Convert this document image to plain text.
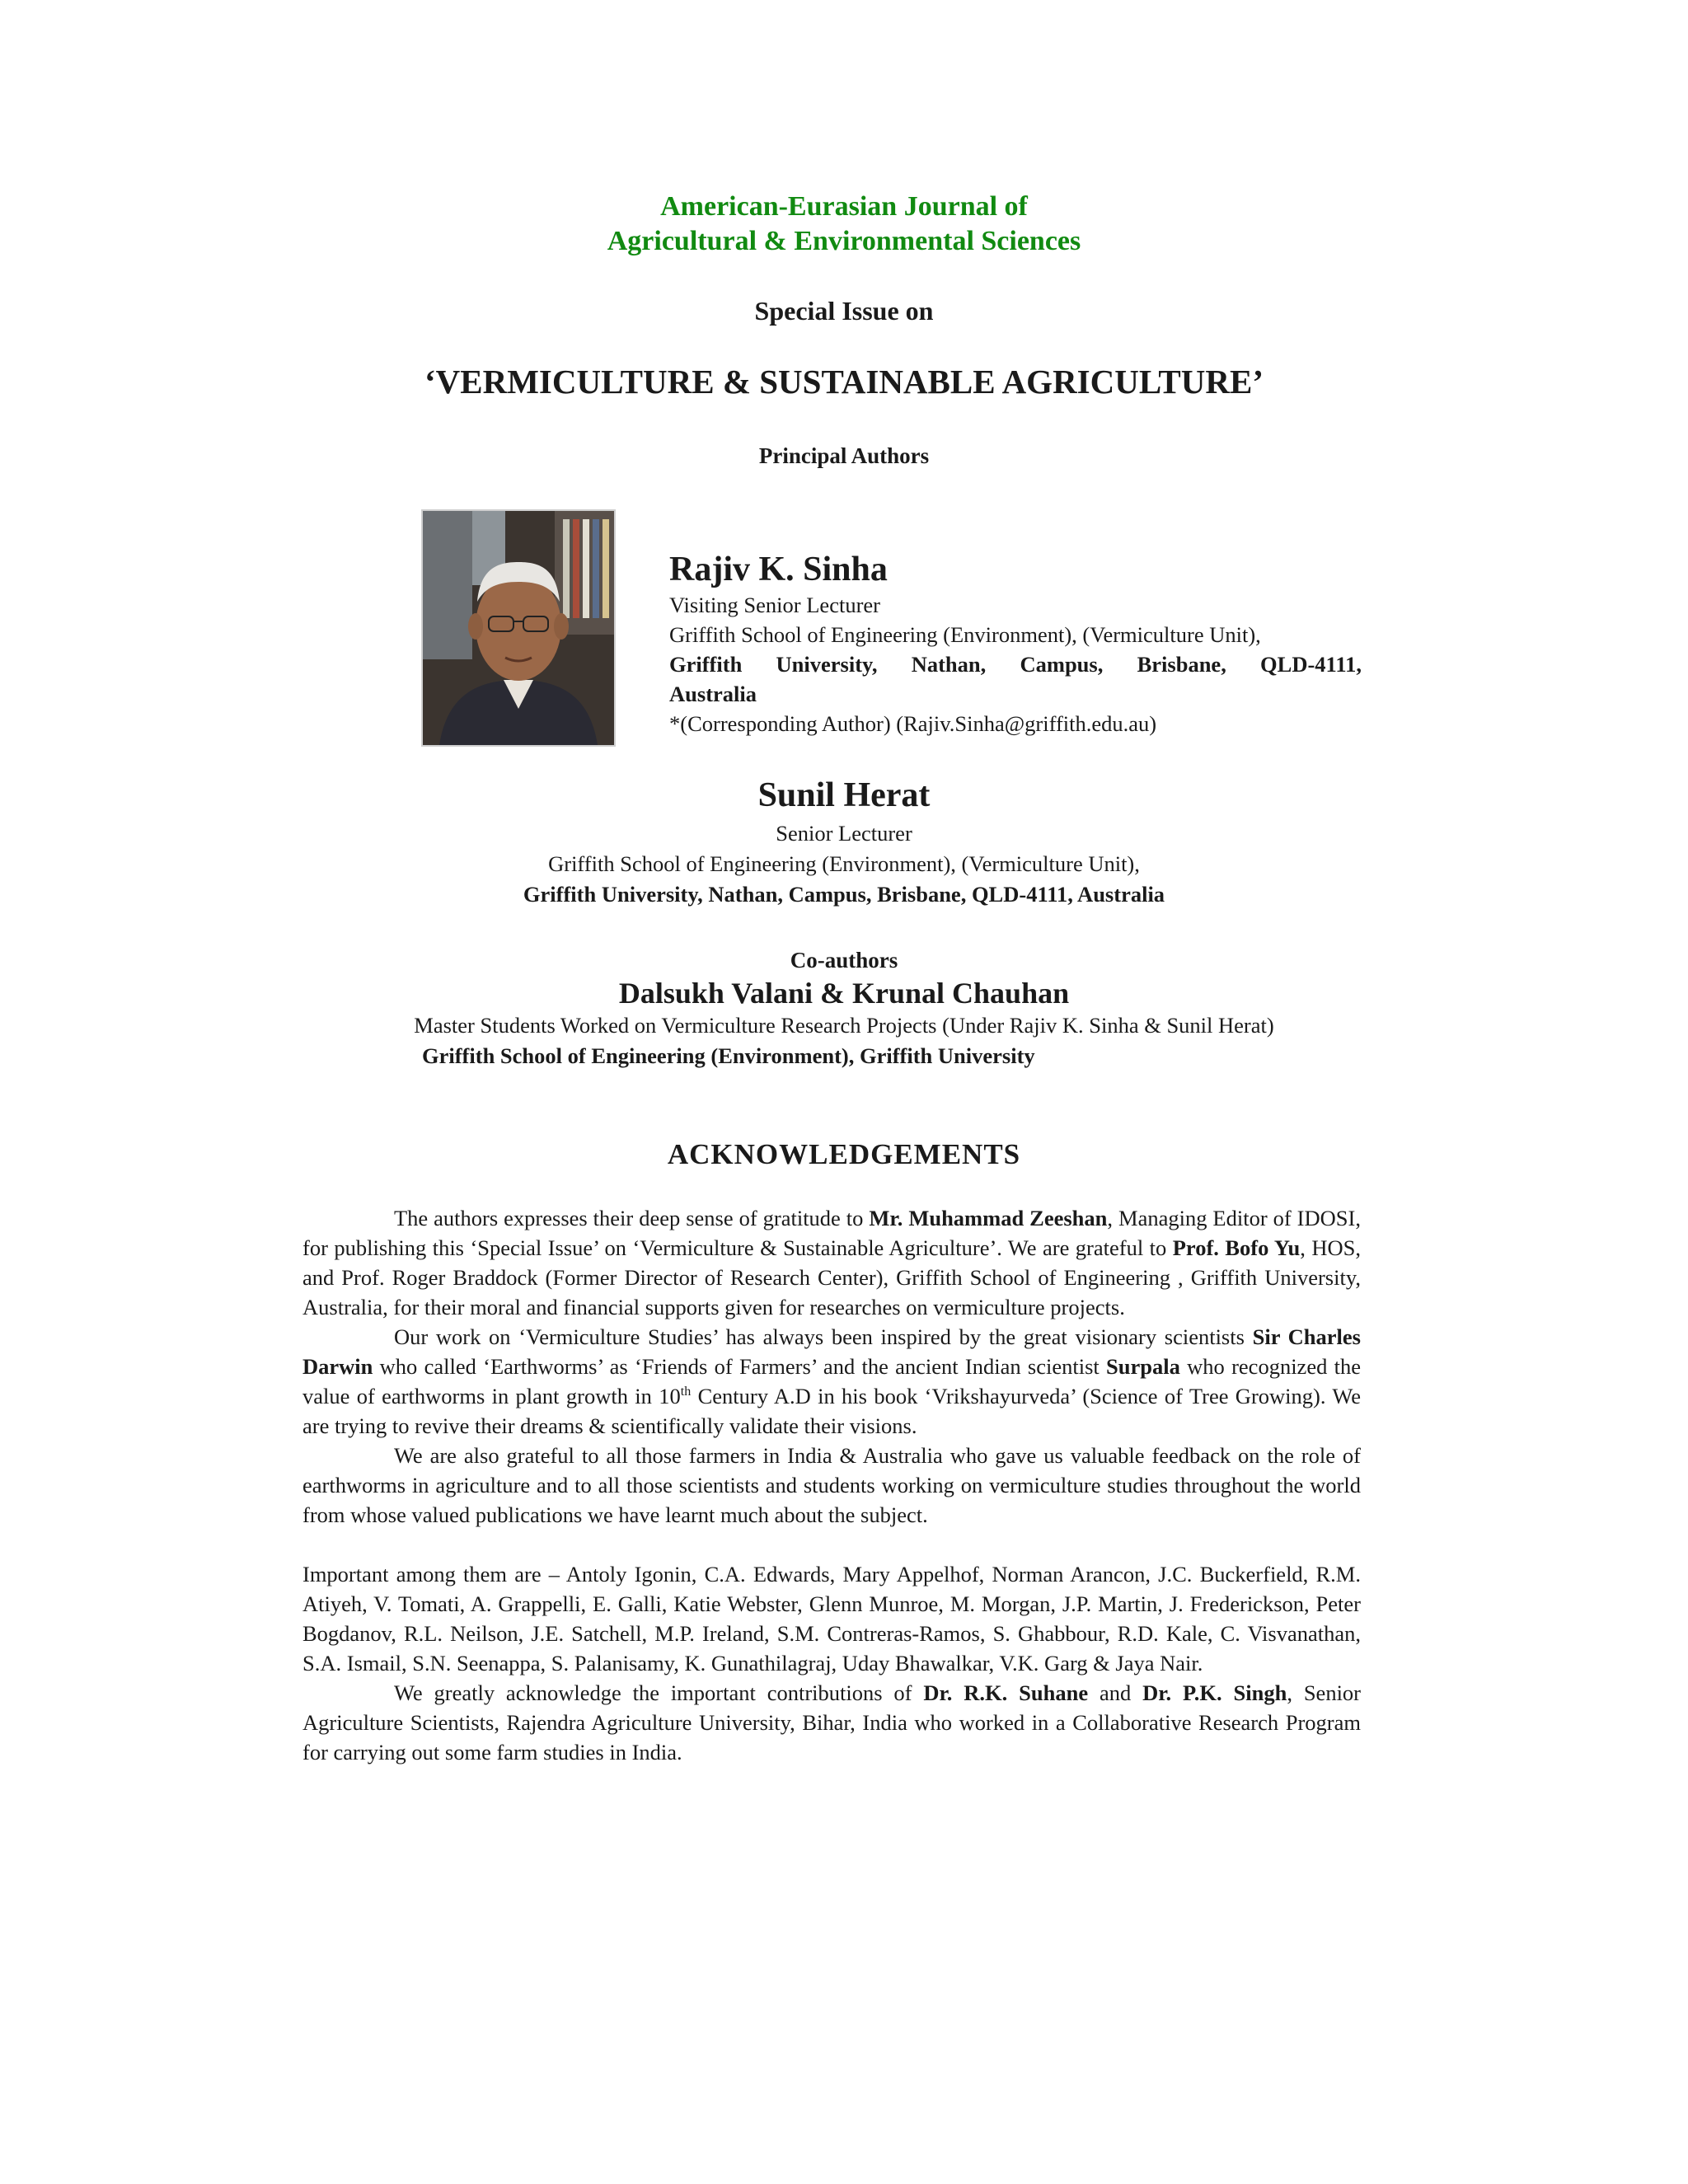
American-Eurasian Journal of
Agricultural & Environmental Sciences
Special Issue on
‘VERMICULTURE & SUSTAINABLE AGRICULTURE’
Principal Authors
Rajiv K. Sinha
Visiting Senior Lecturer
Griffith School of Engineering (Environment), (Vermiculture Unit),
Griffith University, Nathan, Campus, Brisbane, QLD-4111,
Australia
*(Corresponding Author) (Rajiv.Sinha@griffith.edu.au)
Sunil Herat
Senior Lecturer
Griffith School of Engineering (Environment), (Vermiculture Unit),
Griffith University, Nathan, Campus, Brisbane, QLD-4111, Australia
Co-authors
Dalsukh Valani & Krunal Chauhan
Master Students Worked on Vermiculture Research Projects (Under Rajiv K. Sinha & Sunil Herat)
Griffith School of Engineering (Environment), Griffith University
ACKNOWLEDGEMENTS

The authors expresses their deep sense of gratitude to Mr. Muhammad Zeeshan, Managing Editor of IDOSI, for publishing this ‘Special Issue’ on ‘Vermiculture & Sustainable Agriculture’. We are grateful to Prof. Bofo Yu, HOS, and Prof. Roger Braddock (Former Director of Research Center), Griffith School of Engineering , Griffith University, Australia, for their moral and financial supports given for researches on vermiculture projects.

Our work on ‘Vermiculture Studies’ has always been inspired by the great visionary scientists Sir Charles Darwin who called ‘Earthworms’ as ‘Friends of Farmers’ and the ancient Indian scientist Surpala who recognized the value of earthworms in plant growth in 10th Century A.D in his book ‘Vrikshayurveda’ (Science of Tree Growing). We are trying to revive their dreams & scientifically validate their visions.

We are also grateful to all those farmers in India & Australia who gave us valuable feedback on the role of earthworms in agriculture and to all those scientists and students working on vermiculture studies throughout the world from whose valued publications we have learnt much about the subject.

Important among them are – Antoly Igonin, C.A. Edwards, Mary Appelhof, Norman Arancon, J.C. Buckerfield, R.M. Atiyeh, V. Tomati, A. Grappelli, E. Galli, Katie Webster, Glenn Munroe, M. Morgan, J.P. Martin, J. Frederickson, Peter Bogdanov, R.L. Neilson, J.E. Satchell, M.P. Ireland, S.M. Contreras-Ramos, S. Ghabbour, R.D. Kale, C. Visvanathan, S.A. Ismail, S.N. Seenappa, S. Palanisamy, K. Gunathilagraj, Uday Bhawalkar, V.K. Garg & Jaya Nair.

We greatly acknowledge the important contributions of Dr. R.K. Suhane and Dr. P.K. Singh, Senior Agriculture Scientists, Rajendra Agriculture University, Bihar, India who worked in a Collaborative Research Program for carrying out some farm studies in India.
